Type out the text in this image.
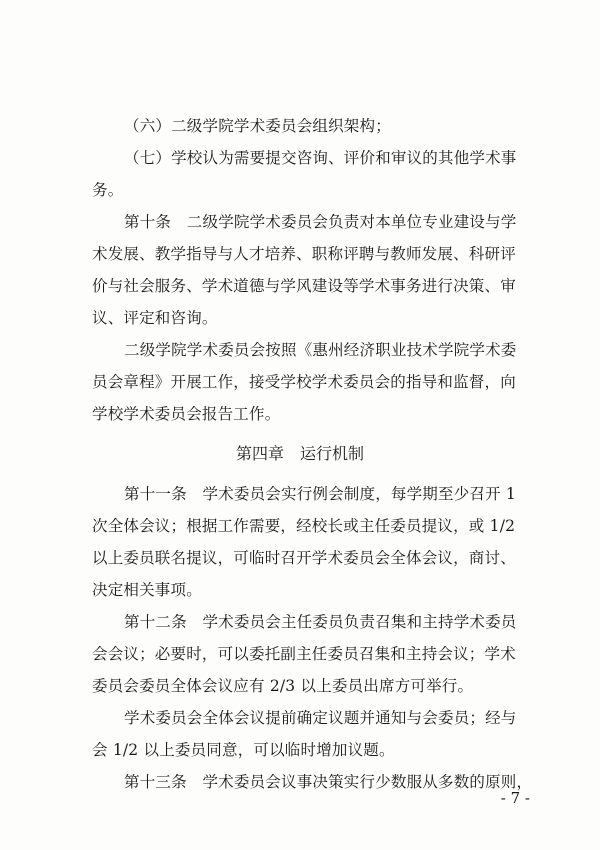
（六）二级学院学术委员会组织架构；
（七）学校认为需要提交咨询、评价和审议的其他学术事
务。
第十条　二级学院学术委员会负责对本单位专业建设与学
术发展、教学指导与人才培养、职称评聘与教师发展、科研评
价与社会服务、学术道德与学风建设等学术事务进行决策、审
议、评定和咨询。
二级学院学术委员会按照《惠州经济职业技术学院学术委
员会章程》开展工作，接受学校学术委员会的指导和监督，向
学校学术委员会报告工作。
第四章　运行机制
第十一条　学术委员会实行例会制度，每学期至少召开 1
次全体会议；根据工作需要，经校长或主任委员提议，或 1/2
以上委员联名提议，可临时召开学术委员会全体会议，商讨、
决定相关事项。
第十二条　学术委员会主任委员负责召集和主持学术委员
会会议；必要时，可以委托副主任委员召集和主持会议；学术
委员会委员全体会议应有 2/3 以上委员出席方可举行。
学术委员会全体会议提前确定议题并通知与会委员；经与
会 1/2 以上委员同意，可以临时增加议题。
第十三条　学术委员会议事决策实行少数服从多数的原则，
- 7 -
